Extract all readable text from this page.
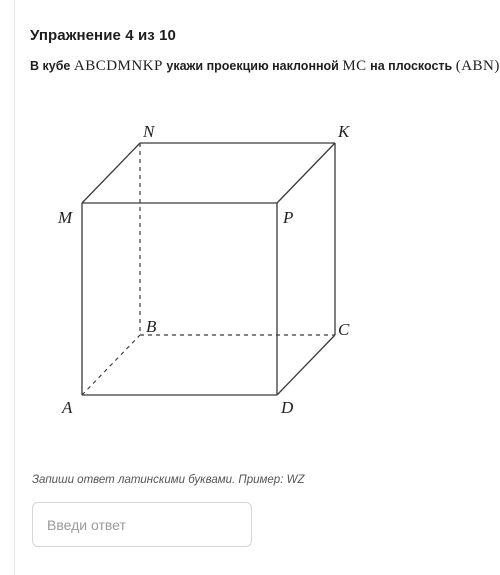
Упражнение 4 из 10
В кубе ABCDMNKP укажи проекцию наклонной MC на плоскость (ABN)
N	K
M	P
B	C
A	D
Запиши ответ латинскими буквами. Пример: WZ
Введи ответ
